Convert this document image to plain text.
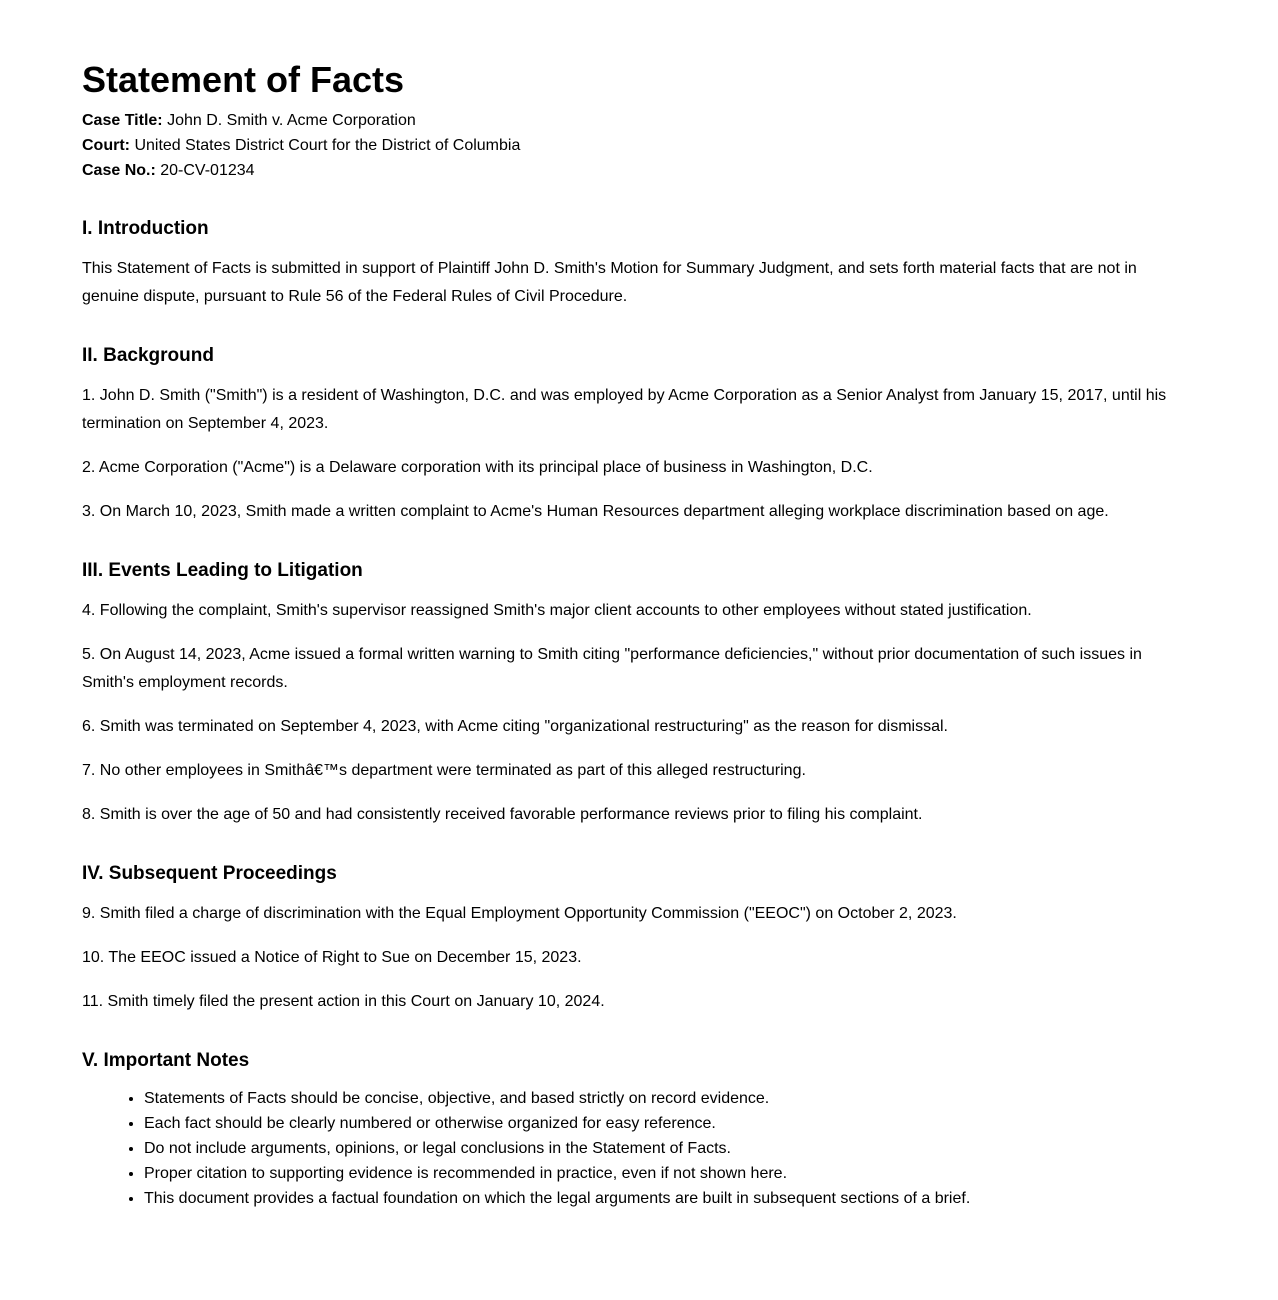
Statement of Facts

Case Title: John D. Smith v. Acme Corporation

Court: United States District Court for the District of Columbia

Case No.: 20-CV-01234

I. Introduction

This Statement of Facts is submitted in support of Plaintiff John D. Smith's Motion for Summary Judgment, and sets forth material facts that are not in genuine dispute, pursuant to Rule 56 of the Federal Rules of Civil Procedure.

II. Background

1. John D. Smith ("Smith") is a resident of Washington, D.C. and was employed by Acme Corporation as a Senior Analyst from January 15, 2017, until his termination on September 4, 2023.

2. Acme Corporation ("Acme") is a Delaware corporation with its principal place of business in Washington, D.C.

3. On March 10, 2023, Smith made a written complaint to Acme's Human Resources department alleging workplace discrimination based on age.

III. Events Leading to Litigation

4. Following the complaint, Smith's supervisor reassigned Smith's major client accounts to other employees without stated justification.

5. On August 14, 2023, Acme issued a formal written warning to Smith citing "performance deficiencies," without prior documentation of such issues in Smith's employment records.

6. Smith was terminated on September 4, 2023, with Acme citing "organizational restructuring" as the reason for dismissal.

7. No other employees in Smithâ€™s department were terminated as part of this alleged restructuring.

8. Smith is over the age of 50 and had consistently received favorable performance reviews prior to filing his complaint.

IV. Subsequent Proceedings

9. Smith filed a charge of discrimination with the Equal Employment Opportunity Commission ("EEOC") on October 2, 2023.

10. The EEOC issued a Notice of Right to Sue on December 15, 2023.

11. Smith timely filed the present action in this Court on January 10, 2024.

V. Important Notes
• Statements of Facts should be concise, objective, and based strictly on record evidence.
• Each fact should be clearly numbered or otherwise organized for easy reference.
• Do not include arguments, opinions, or legal conclusions in the Statement of Facts.
• Proper citation to supporting evidence is recommended in practice, even if not shown here.
• This document provides a factual foundation on which the legal arguments are built in subsequent sections of a brief.
